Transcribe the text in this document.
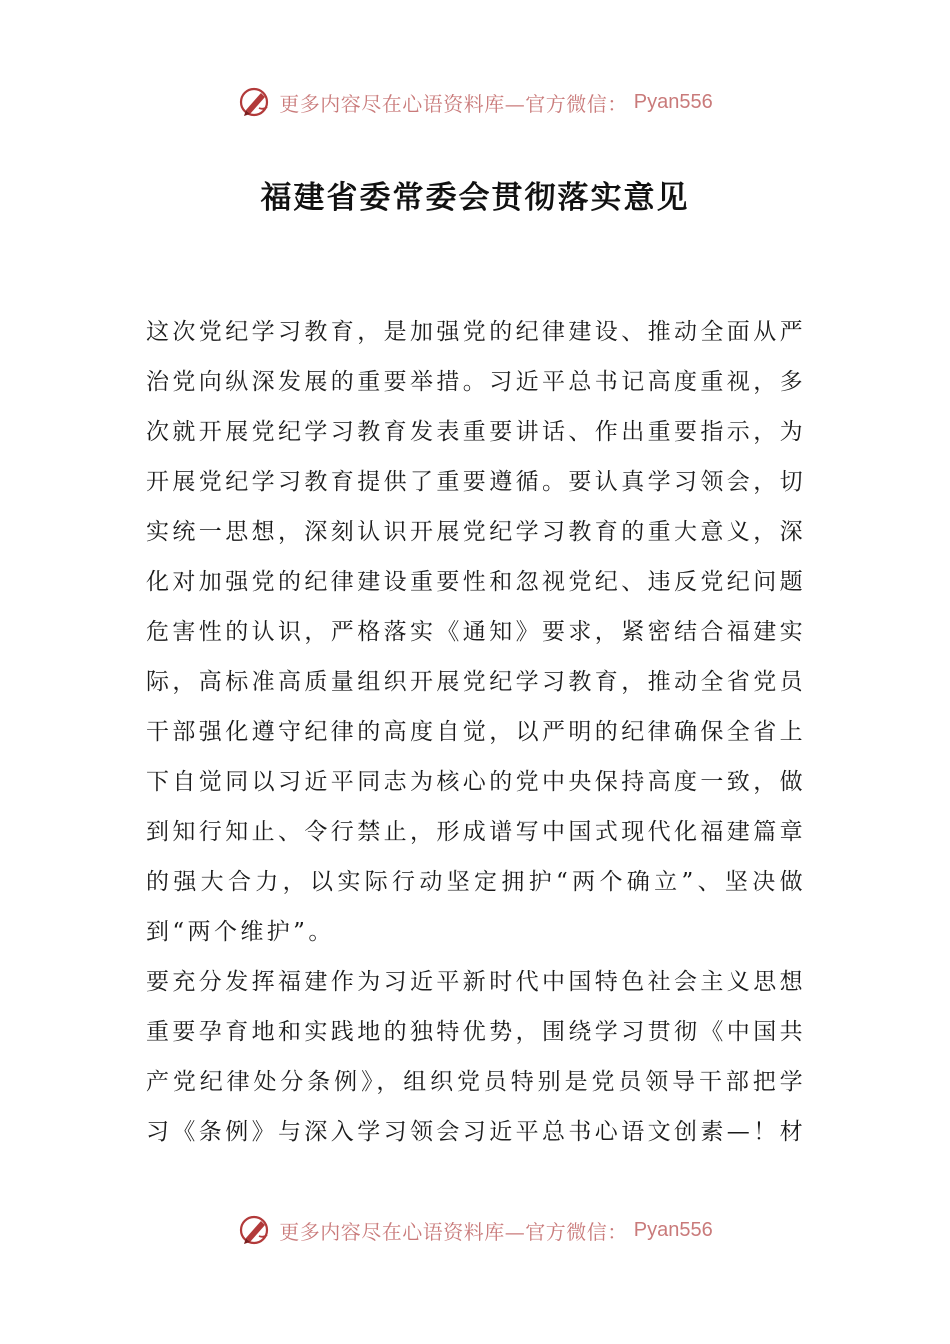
更多内容尽在心语资料库—官方微信： Pyan556
福建省委常委会贯彻落实意见

这次党纪学习教育，是加强党的纪律建设、推动全面从严治党向纵深发展的重要举措。习近平总书记高度重视，多次就开展党纪学习教育发表重要讲话、作出重要指示，为开展党纪学习教育提供了重要遵循。要认真学习领会，切实统一思想，深刻认识开展党纪学习教育的重大意义，深化对加强党的纪律建设重要性和忽视党纪、违反党纪问题危害性的认识，严格落实《通知》要求，紧密结合福建实际，高标准高质量组织开展党纪学习教育，推动全省党员干部强化遵守纪律的高度自觉，以严明的纪律确保全省上下自觉同以习近平同志为核心的党中央保持高度一致，做到知行知止、令行禁止，形成谱写中国式现代化福建篇章的强大合力，以实际行动坚定拥护“两个确立”、坚决做到“两个维护”。

要充分发挥福建作为习近平新时代中国特色社会主义思想重要孕育地和实践地的独特优势，围绕学习贯彻《中国共产党纪律处分条例》，组织党员特别是党员领导干部把学习《条例》与深入学习领会习近平总书心语文创素—！材

更多内容尽在心语资料库—官方微信： Pyan556
